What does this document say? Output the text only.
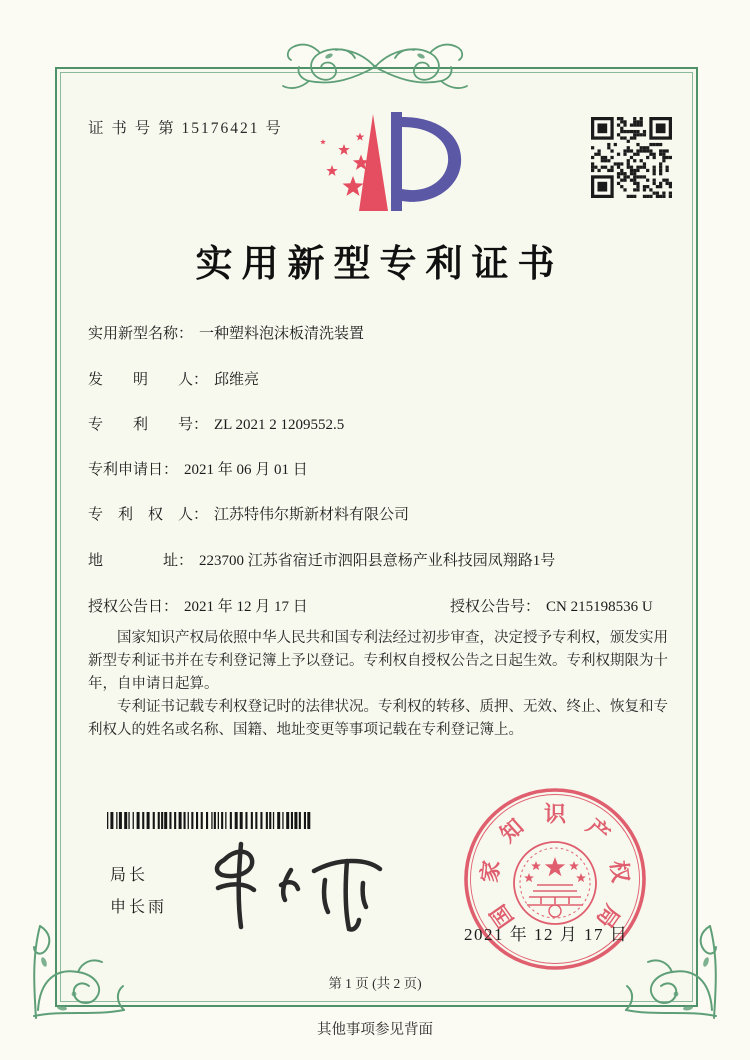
证 书 号 第 15176421 号
实用新型专利证书
实用新型名称： 一种塑料泡沫板清洗装置
发　　明　　人： 邱维亮
专　　利　　号： ZL 2021 2 1209552.5
专利申请日： 2021 年 06 月 01 日
专　利　权　人： 江苏特伟尔斯新材料有限公司
地　　　　址： 223700 江苏省宿迁市泗阳县意杨产业科技园凤翔路1号
授权公告日： 2021 年 12 月 17 日	授权公告号： CN 215198536 U

国家知识产权局依照中华人民共和国专利法经过初步审查，决定授予专利权，颁发实用新型专利证书并在专利登记簿上予以登记。专利权自授权公告之日起生效。专利权期限为十年，自申请日起算。

专利证书记载专利权登记时的法律状况。专利权的转移、质押、无效、终止、恢复和专利权人的姓名或名称、国籍、地址变更等事项记载在专利登记簿上。

局长
申长雨	国
家
知 识 产
权
局
2021 年 12 月 17 日
第 1 页 (共 2 页)
其他事项参见背面
